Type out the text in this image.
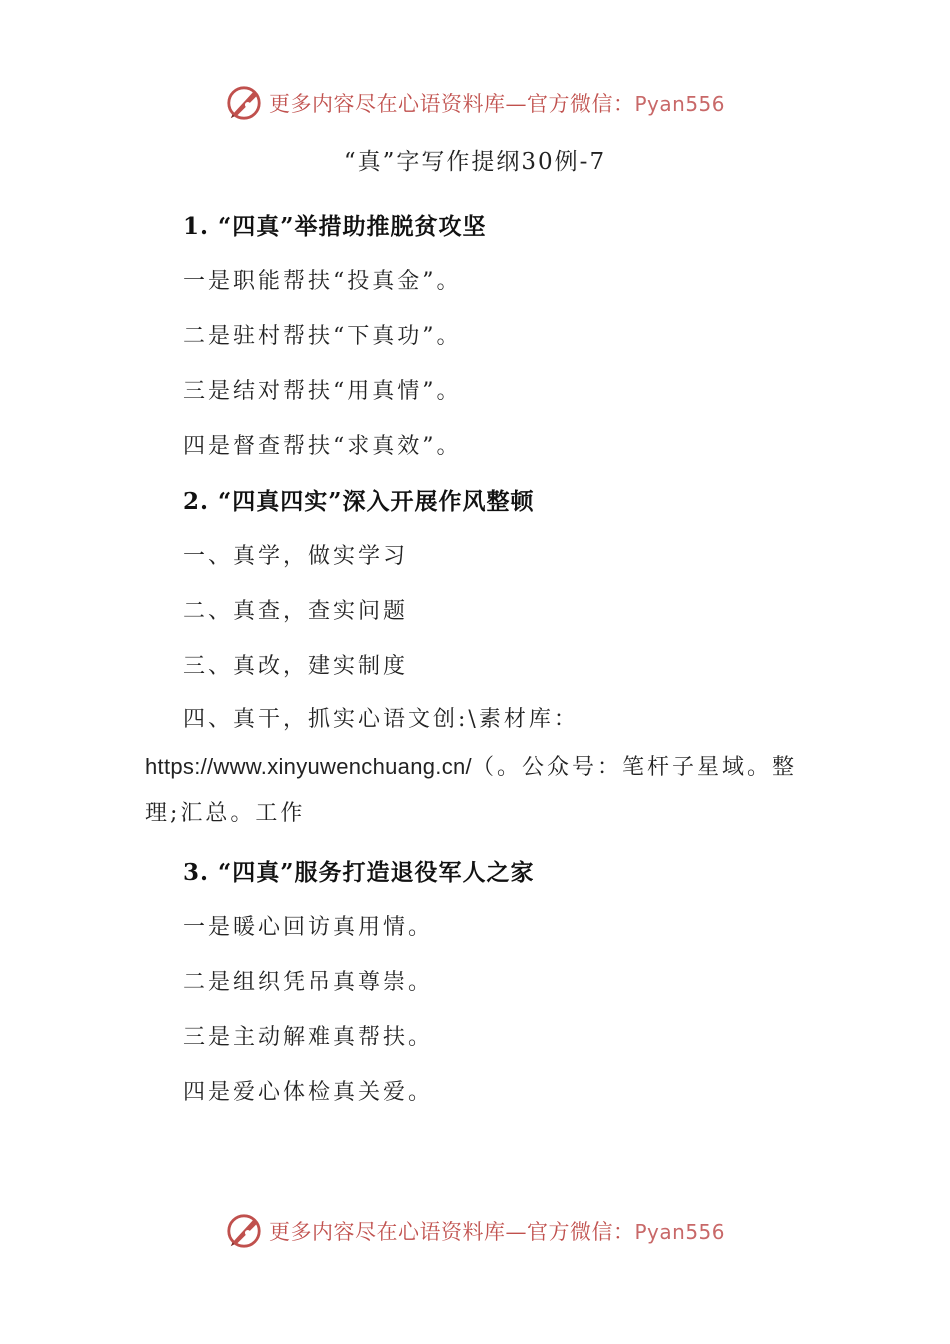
更多内容尽在心语资料库—官方微信：Pyan556
“真”字写作提纲30例-7
1. “四真”举措助推脱贫攻坚
一是职能帮扶“投真金”。
二是驻村帮扶“下真功”。
三是结对帮扶“用真情”。
四是督查帮扶“求真效”。
2. “四真四实”深入开展作风整顿
一、真学，做实学习
二、真查，查实问题
三、真改，建实制度
四、真干，抓实心语文创:\素材库：https://www.xinyuwenchuang.cn/（。公众号：笔杆子星域。整理;汇总。工作
3. “四真”服务打造退役军人之家
一是暖心回访真用情。
二是组织凭吊真尊崇。
三是主动解难真帮扶。
四是爱心体检真关爱。
更多内容尽在心语资料库—官方微信：Pyan556
